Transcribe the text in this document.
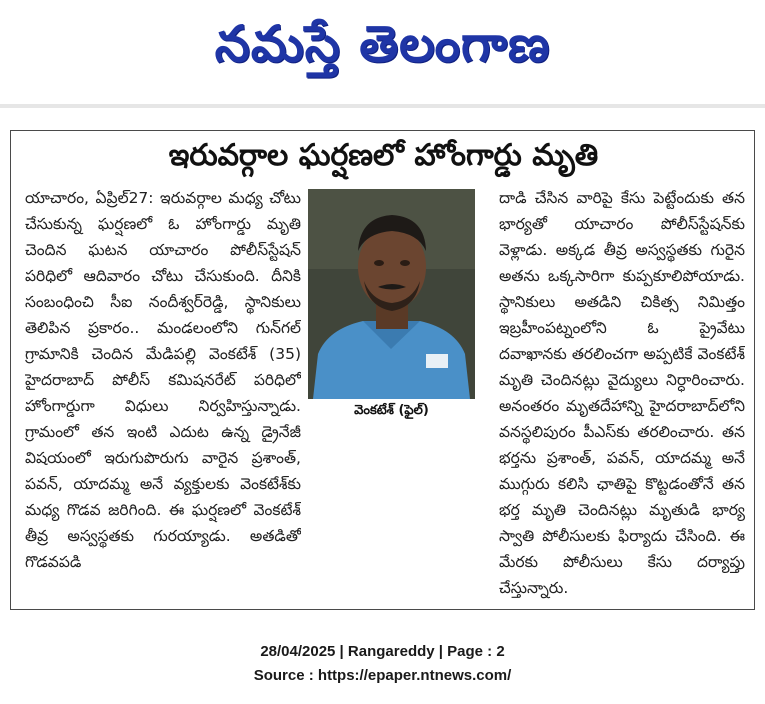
నమస్తే తెలంగాణ
ఇరువర్గాల ఘర్షణలో హోంగార్డు మృతి

యాచారం, ఏప్రిల్27: ఇరువర్గాల మధ్య చోటు చేసుకున్న ఘర్షణలో ఓ హోంగార్డు మృతి చెందిన ఘటన యాచారం పోలీస్‌స్టేషన్ పరిధిలో ఆదివారం చోటు చేసుకుంది. దీనికి సంబంధించి సీఐ నందీశ్వర్‌రెడ్డి, స్థానికులు తెలిపిన ప్రకారం.. మండలంలోని గున్‌గల్ గ్రామానికి చెందిన మేడిపల్లి వెంకటేశ్ (35) హైదరాబాద్ పోలీస్ కమిషనరేట్ పరిధిలో హోంగార్డుగా విధులు నిర్వహిస్తున్నాడు. గ్రామంలో తన ఇంటి ఎదుట ఉన్న డ్రైనేజీ విషయంలో ఇరుగుపొరుగు వారైన ప్రశాంత్, పవన్, యాదమ్మ అనే వ్యక్తులకు వెంకటేశ్‌కు మధ్య గొడవ జరిగింది. ఈ ఘర్షణలో వెంకటేశ్ తీవ్ర అస్వస్థతకు గురయ్యాడు. అతడితో గొడవపడి

వెంకటేశ్ (ఫైల్)

దాడి చేసిన వారిపై కేసు పెట్టేందుకు తన భార్యతో యాచారం పోలీస్‌స్టేషన్‌కు వెళ్లాడు. అక్కడ తీవ్ర అస్వస్థతకు గురైన అతను ఒక్కసారిగా కుప్పకూలిపోయాడు. స్థానికులు అతడిని చికిత్స నిమిత్తం ఇబ్రహీంపట్నంలోని ఓ ప్రైవేటు దవాఖానకు తరలించగా అప్పటికే వెంకటేశ్ మృతి చెందినట్లు వైద్యులు నిర్ధారించారు. అనంతరం మృతదేహాన్ని హైదరాబాద్‌లోని వనస్థలిపురం పీఎస్‌కు తరలించారు. తన భర్తను ప్రశాంత్, పవన్, యాదమ్మ అనే ముగ్గురు కలిసి ఛాతిపై కొట్టడంతోనే తన భర్త మృతి చెందినట్లు మృతుడి భార్య స్వాతి పోలీసులకు ఫిర్యాదు చేసింది. ఈ మేరకు పోలీసులు కేసు దర్యాప్తు చేస్తున్నారు.

28/04/2025 | Rangareddy | Page : 2
Source : https://epaper.ntnews.com/
